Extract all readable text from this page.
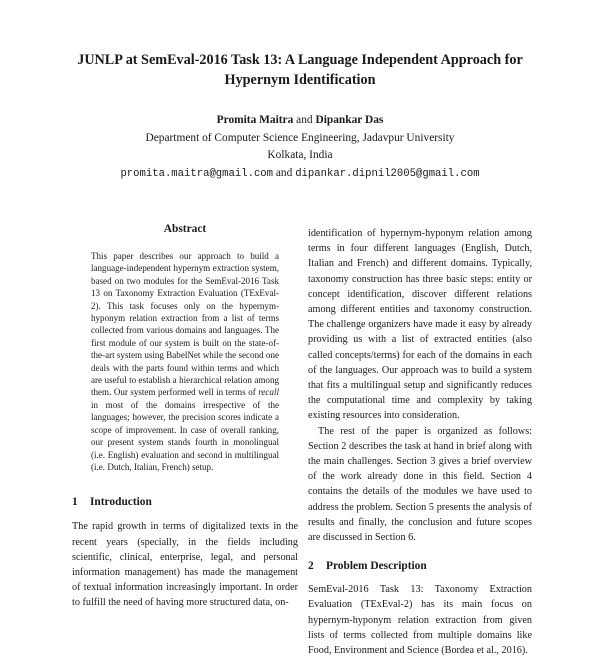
JUNLP at SemEval-2016 Task 13: A Language Independent Approach for
Hypernym Identification
Promita Maitra and Dipankar Das
Department of Computer Science Engineering, Jadavpur University
Kolkata, India
promita.maitra@gmail.com and dipankar.dipnil2005@gmail.com
Abstract

This paper describes our approach to build a language-independent hypernym extraction system, based on two modules for the SemEval-2016 Task 13 on Taxonomy Extraction Evaluation (TExEval-2). This task focuses only on the hypernym-hyponym relation extraction from a list of terms collected from various domains and languages. The first module of our system is built on the state-of-the-art system using BabelNet while the second one deals with the parts found within terms and which are useful to establish a hierarchical relation among them. Our system performed well in terms of recall in most of the domains irrespective of the languages; however, the precision scores indicate a scope of improvement. In case of overall ranking, our present system stands fourth in monolingual (i.e. English) evaluation and second in multilingual (i.e. Dutch, Italian, French) setup.

1 Introduction

The rapid growth in terms of digitalized texts in the recent years (specially, in the fields including scientific, clinical, enterprise, legal, and personal information management) has made the management of textual information increasingly important. In order to fulfill the need of having more structured data, on-

identification of hypernym-hyponym relation among terms in four different languages (English, Dutch, Italian and French) and different domains. Typically, taxonomy construction has three basic steps: entity or concept identification, discover different relations among different entities and taxonomy construction. The challenge organizers have made it easy by already providing us with a list of extracted entities (also called concepts/terms) for each of the domains in each of the languages. Our approach was to build a system that fits a multilingual setup and significantly reduces the computational time and complexity by taking existing resources into consideration.

The rest of the paper is organized as follows: Section 2 describes the task at hand in brief along with the main challenges. Section 3 gives a brief overview of the work already done in this field. Section 4 contains the details of the modules we have used to address the problem. Section 5 presents the analysis of results and finally, the conclusion and future scopes are discussed in Section 6.

2 Problem Description

SemEval-2016 Task 13: Taxonomy Extraction Evaluation (TExEval-2) has its main focus on hypernym-hyponym relation extraction from given lists of terms collected from multiple domains like Food, Environment and Science (Bordea et al., 2016).
